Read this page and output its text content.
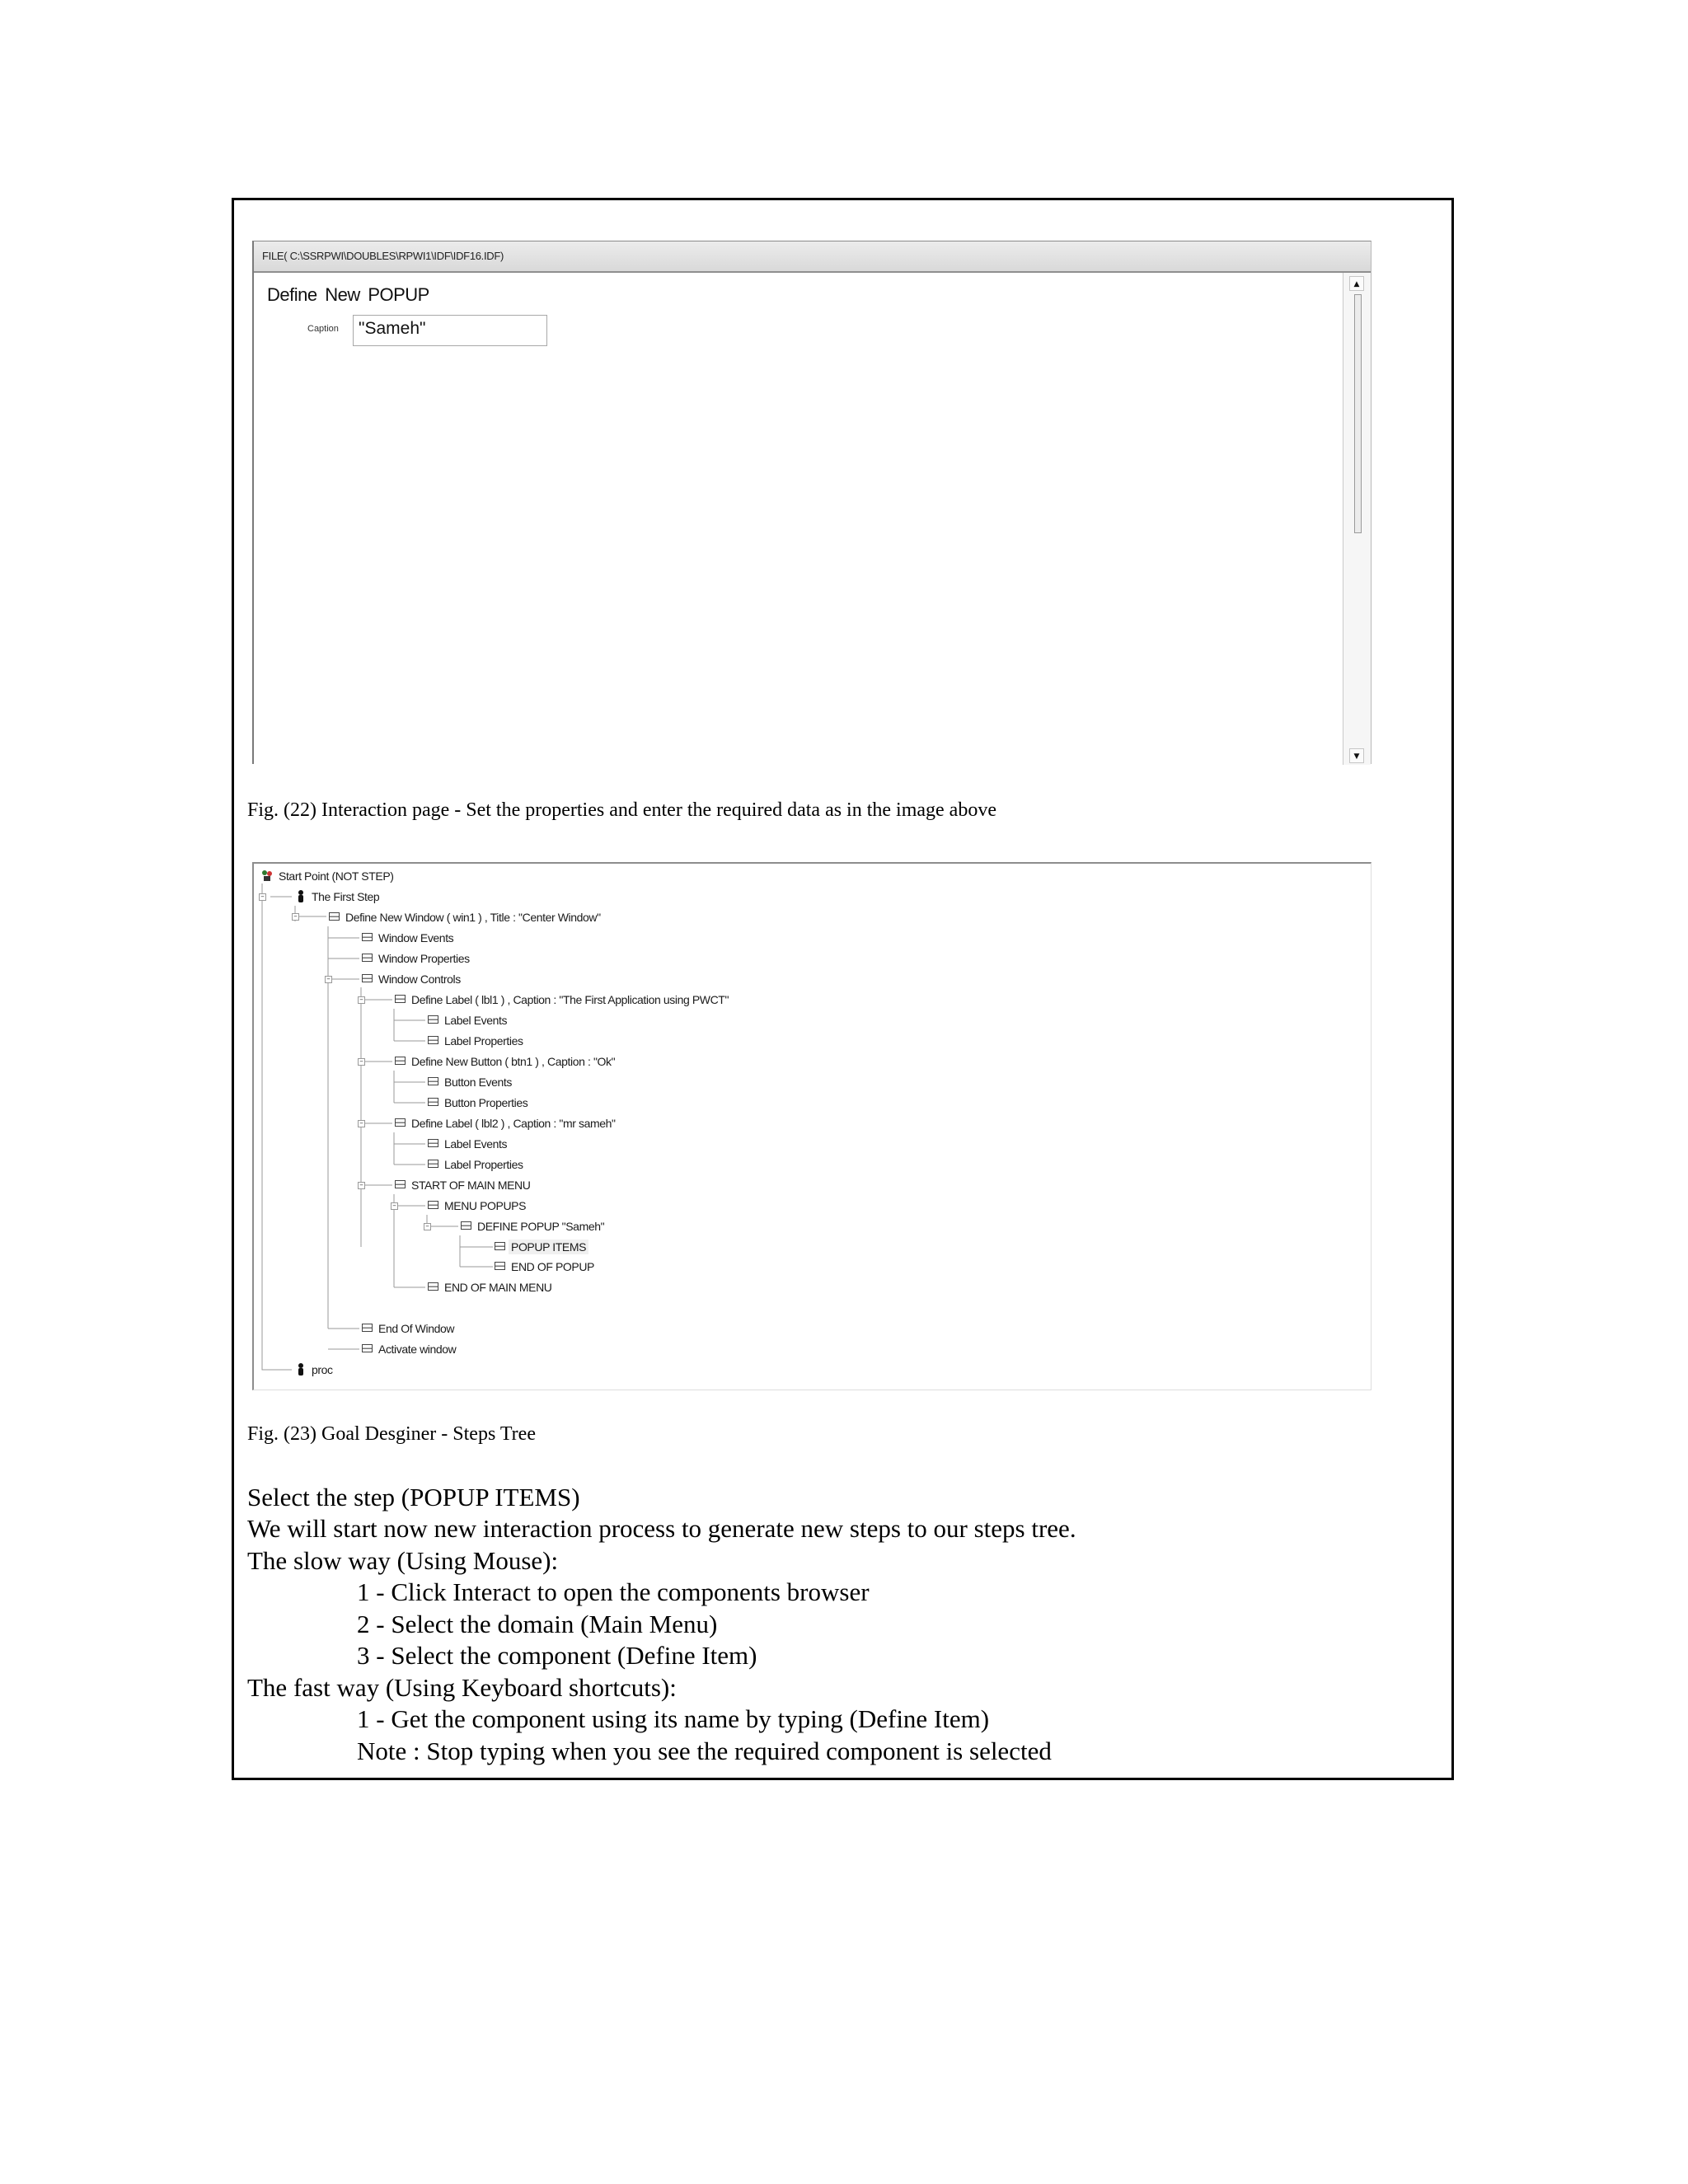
FILE( C:\SSRPWI\DOUBLES\RPWI1\IDF\IDF16.IDF)
Define New POPUP
Caption	"Sameh"
▲
▼
Fig. (22) Interaction page - Set the properties and enter the required data as in the image above
–
–
–
–
–
–
–
–
–
Start Point (NOT STEP)
The First Step
Define New Window ( win1 ) , Title : "Center Window"
Window Events
Window Properties
Window Controls
Define Label ( lbl1 ) , Caption : "The First Application using PWCT"
Label Events
Label Properties
Define New Button ( btn1 ) , Caption : "Ok"
Button Events
Button Properties
Define Label ( lbl2 ) , Caption : "mr sameh"
Label Events
Label Properties
START OF MAIN MENU
MENU POPUPS
DEFINE POPUP "Sameh"
POPUP ITEMS
END OF POPUP
END OF MAIN MENU
End Of Window
Activate window
proc
Fig. (23) Goal Desginer - Steps Tree
Select the step (POPUP ITEMS)
We will start now new interaction process to generate new steps to our steps tree.
The slow way (Using Mouse):
1 - Click Interact to open the components browser
2 - Select the domain (Main Menu)
3 - Select the component (Define Item)
The fast way (Using Keyboard shortcuts):
1 - Get the component using its name by typing (Define Item)
Note : Stop typing when you see the required component is selected
